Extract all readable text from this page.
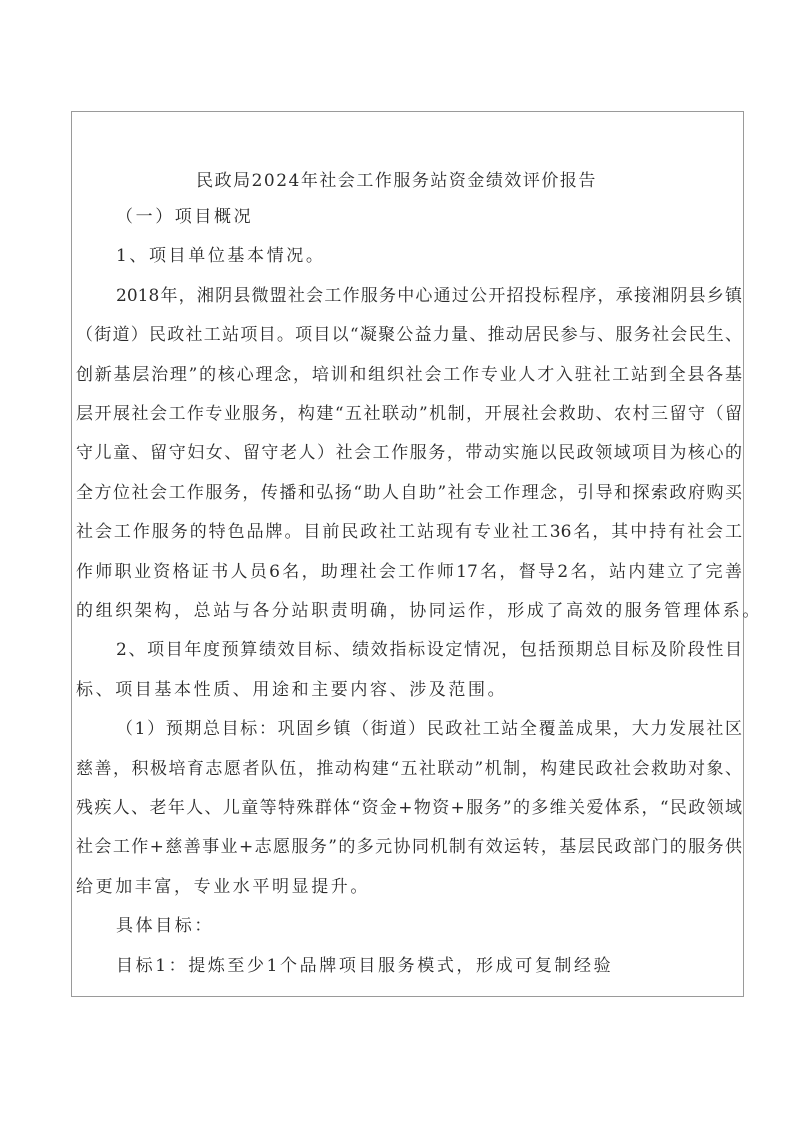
民政局2024年社会工作服务站资金绩效评价报告
（一）项目概况
1、项目单位基本情况。
2018年，湘阴县微盟社会工作服务中心通过公开招投标程序，承接湘阴县乡镇
（街道）民政社工站项目。项目以“凝聚公益力量、推动居民参与、服务社会民生、
创新基层治理”的核心理念，培训和组织社会工作专业人才入驻社工站到全县各基
层开展社会工作专业服务，构建“五社联动”机制，开展社会救助、农村三留守（留
守儿童、留守妇女、留守老人）社会工作服务，带动实施以民政领域项目为核心的
全方位社会工作服务，传播和弘扬“助人自助”社会工作理念，引导和探索政府购买
社会工作服务的特色品牌。目前民政社工站现有专业社工36名，其中持有社会工
作师职业资格证书人员6名，助理社会工作师17名，督导2名，站内建立了完善
的组织架构，总站与各分站职责明确，协同运作，形成了高效的服务管理体系。
2、项目年度预算绩效目标、绩效指标设定情况，包括预期总目标及阶段性目
标、项目基本性质、用途和主要内容、涉及范围。
（1）预期总目标：巩固乡镇（街道）民政社工站全覆盖成果，大力发展社区
慈善，积极培育志愿者队伍，推动构建“五社联动”机制，构建民政社会救助对象、
残疾人、老年人、儿童等特殊群体“资金+物资+服务”的多维关爱体系，“民政领域
社会工作+慈善事业+志愿服务”的多元协同机制有效运转，基层民政部门的服务供
给更加丰富，专业水平明显提升。
具体目标：
目标1：提炼至少1个品牌项目服务模式，形成可复制经验
